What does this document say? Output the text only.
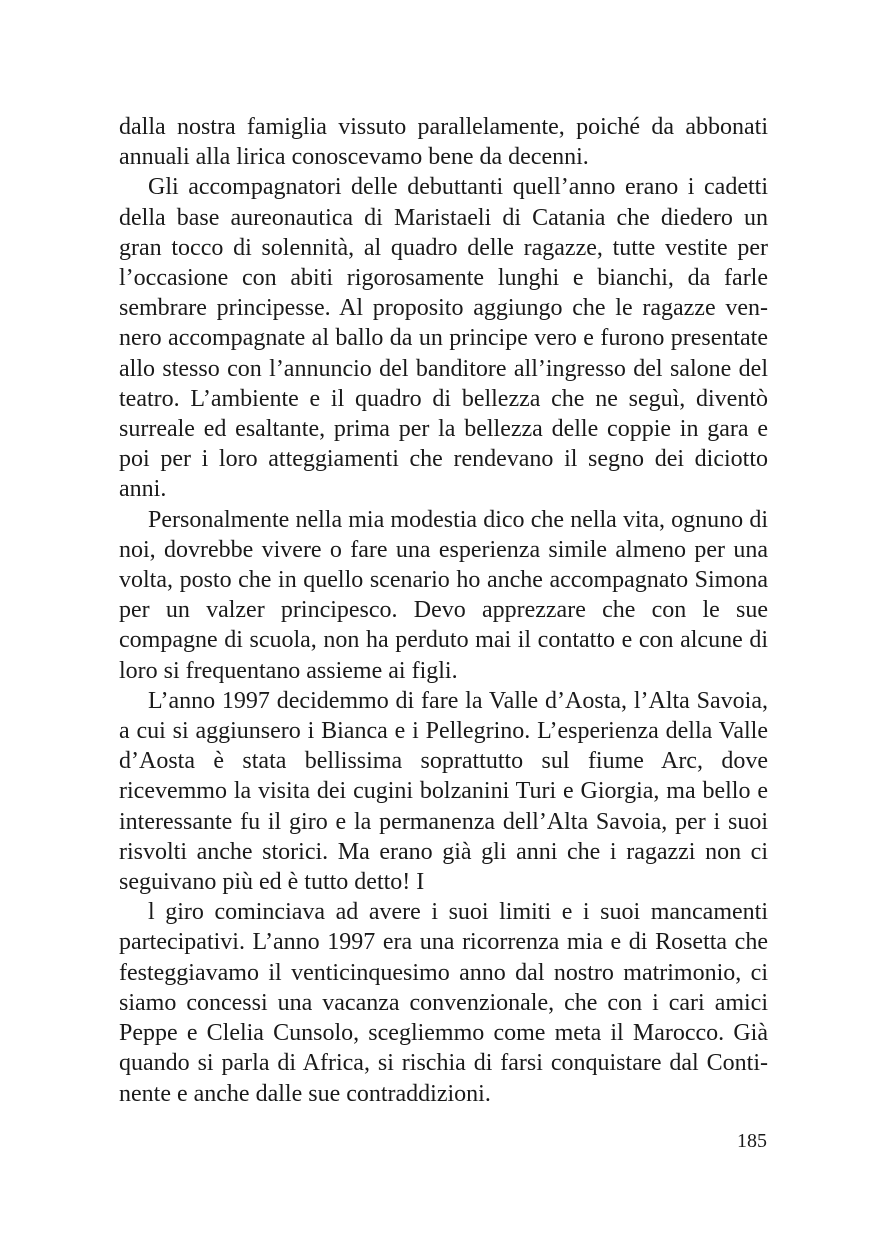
dalla nostra famiglia vissuto parallelamente, poiché da abbonati annuali alla lirica conoscevamo bene da decenni.

Gli accompagnatori delle debuttanti quell’anno erano i cadetti della base aureonautica di Maristaeli di Catania che diedero un gran tocco di solennità, al quadro delle ragazze, tutte vestite per l’occasione con abiti rigorosamente lunghi e bianchi, da farle sembrare principesse. Al proposito aggiungo che le ragazze vennero accompagnate al ballo da un principe vero e furono presentate allo stesso con l’annuncio del banditore all’ingresso del salone del teatro. L’ambiente e il quadro di bellezza che ne seguì, diventò surreale ed esaltante, prima per la bellezza delle coppie in gara e poi per i loro atteggiamenti che rendevano il segno dei diciotto anni.

Personalmente nella mia modestia dico che nella vita, ognuno di noi, dovrebbe vivere o fare una esperienza simile almeno per una volta, posto che in quello scenario ho anche accompagnato Simona per un valzer principesco. Devo apprezzare che con le sue compagne di scuola, non ha perduto mai il contatto e con alcune di loro si frequentano assieme ai figli.

L’anno 1997 decidemmo di fare la Valle d’Aosta, l’Alta Savoia, a cui si aggiunsero i Bianca e i Pellegrino. L’esperienza della Valle d’Aosta è stata bellissima soprattutto sul fiume Arc, dove ricevemmo la visita dei cugini bolzanini Turi e Giorgia, ma bello e interessante fu il giro e la permanenza dell’Alta Savoia, per i suoi risvolti anche storici. Ma erano già gli anni che i ragazzi non ci seguivano più ed è tutto detto! I

l giro cominciava ad avere i suoi limiti e i suoi mancamenti partecipativi. L’anno 1997 era una ricorrenza mia e di Rosetta che festeggiavamo il venticinquesimo anno dal nostro matrimonio, ci siamo concessi una vacanza convenzionale, che con i cari amici Peppe e Clelia Cunsolo, scegliemmo come meta il Marocco. Già quando si parla di Africa, si rischia di farsi conquistare dal Continente e anche dalle sue contraddizioni.

185
